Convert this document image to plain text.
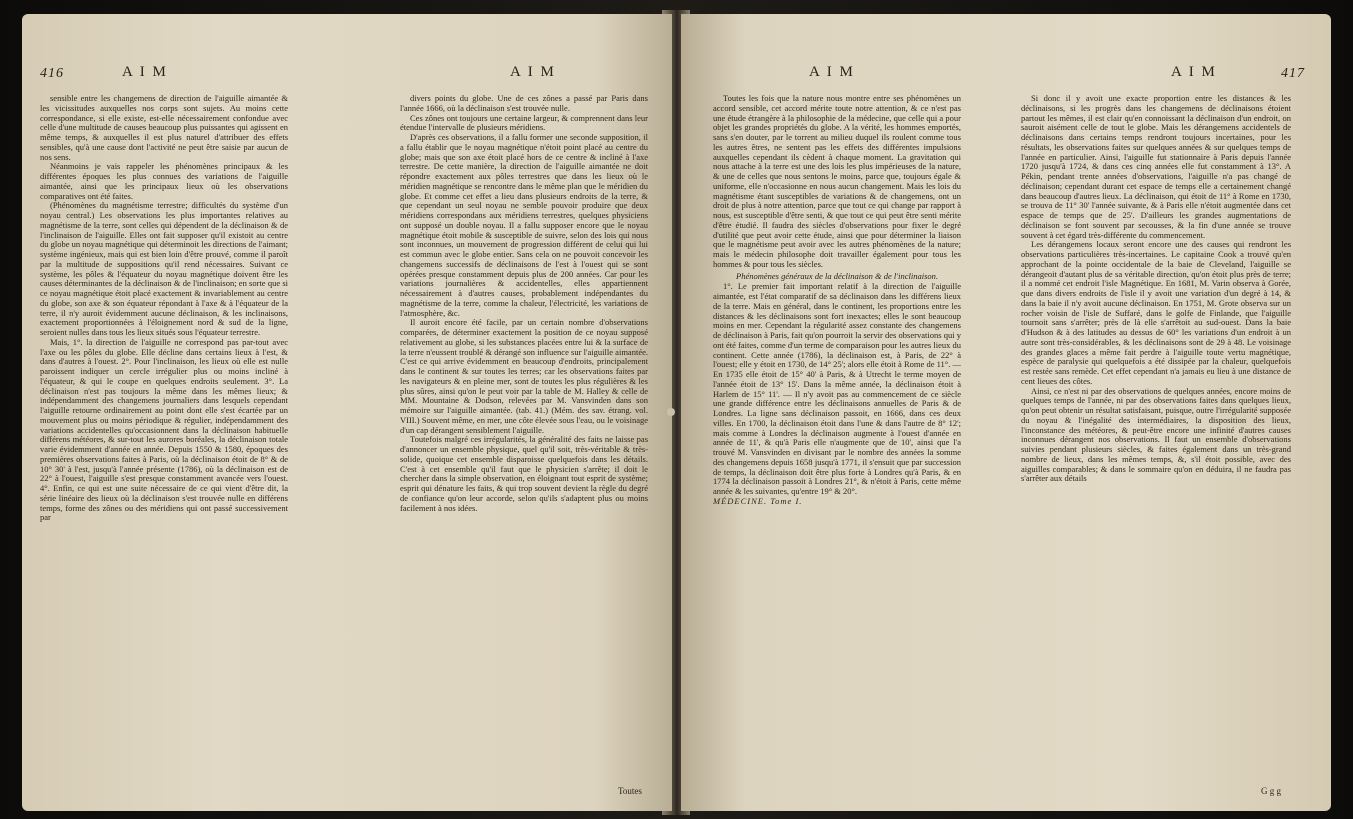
416	A I M	A I M

sensible entre les changemens de direction de l'aiguille aimantée & les vicissitudes auxquelles nos corps sont sujets. Au moins cette correspondance, si elle existe, est-elle nécessairement confondue avec celle d'une multitude de causes beaucoup plus puissantes qui agissent en même temps, & auxquelles il est plus naturel d'attribuer des effets sensibles, qu'à une cause dont l'activité ne peut être saisie par aucun de nos sens.

Néanmoins je vais rappeler les phénomènes principaux & les différentes époques les plus connues des variations de l'aiguille aimantée, ainsi que les principaux lieux où les observations comparatives ont été faites.

(Phénomènes du magnétisme terrestre; difficultés du système d'un noyau central.) Les observations les plus importantes relatives au magnétisme de la terre, sont celles qui dépendent de la déclinaison & de l'inclinaison de l'aiguille. Elles ont fait supposer qu'il existoit au centre du globe un noyau magnétique qui déterminoit les directions de l'aimant; système ingénieux, mais qui est bien loin d'être prouvé, comme il paroît par la multitude de suppositions qu'il rend nécessaires. Suivant ce système, les pôles & l'équateur du noyau magnétique doivent être les causes déterminantes de la déclinaison & de l'inclinaison; en sorte que si ce noyau magnétique étoit placé exactement & invariablement au centre du globe, son axe & son équateur répondant à l'axe & à l'équateur de la terre, il n'y auroit évidemment aucune déclinaison, & les inclinaisons, exactement proportionnées à l'éloignement nord & sud de la ligne, seroient nulles dans tous les lieux situés sous l'équateur terrestre.

Mais, 1°. la direction de l'aiguille ne correspond pas par-tout avec l'axe ou les pôles du globe. Elle décline dans certains lieux à l'est, & dans d'autres à l'ouest. 2°. Pour l'inclinaison, les lieux où elle est nulle paroissent indiquer un cercle irrégulier plus ou moins incliné à l'équateur, & qui le coupe en quelques endroits seulement. 3°. La déclinaison n'est pas toujours la même dans les mêmes lieux; & indépendamment des changemens journaliers dans lesquels cependant l'aiguille retourne ordinairement au point dont elle s'est écartée par un mouvement plus ou moins périodique & régulier, indépendamment des variations accidentelles qu'occasionnent dans la déclinaison habituelle différens météores, & sur-tout les aurores boréales, la déclinaison totale varie évidemment d'année en année. Depuis 1550 & 1580, époques des premières observations faites à Paris, où la déclinaison étoit de 8° & de 10° 30' à l'est, jusqu'à l'année présente (1786), où la déclinaison est de 22° à l'ouest, l'aiguille s'est presque constamment avancée vers l'ouest. 4°. Enfin, ce qui est une suite nécessaire de ce qui vient d'être dit, la série linéaire des lieux où la déclinaison s'est trouvée nulle en différens temps, forme des zônes ou des méridiens qui ont passé successivement par

divers points du globe. Une de ces zônes a passé par Paris dans l'année 1666, où la déclinaison s'est trouvée nulle.

Ces zônes ont toujours une certaine largeur, & comprennent dans leur étendue l'intervalle de plusieurs méridiens.

D'après ces observations, il a fallu former une seconde supposition, il a fallu établir que le noyau magnétique n'étoit point placé au centre du globe; mais que son axe étoit placé hors de ce centre & incliné à l'axe terrestre. De cette manière, la direction de l'aiguille aimantée ne doit répondre exactement aux pôles terrestres que dans les lieux où le méridien magnétique se rencontre dans le même plan que le méridien du globe. Et comme cet effet a lieu dans plusieurs endroits de la terre, & que cependant un seul noyau ne semble pouvoir produire que deux méridiens correspondans aux méridiens terrestres, quelques physiciens ont supposé un double noyau. Il a fallu supposer encore que le noyau magnétique étoit mobile & susceptible de suivre, selon des lois qui nous sont inconnues, un mouvement de progression différent de celui qui lui est commun avec le globe entier. Sans cela on ne pouvoit concevoir les changemens successifs de déclinaisons de l'est à l'ouest qui se sont opérées presque constamment depuis plus de 200 années. Car pour les variations journalières & accidentelles, elles appartiennent nécessairement à d'autres causes, probablement indépendantes du magnétisme de la terre, comme la chaleur, l'électricité, les variations de l'atmosphère, &c.

Il auroit encore été facile, par un certain nombre d'observations comparées, de déterminer exactement la position de ce noyau supposé relativement au globe, si les substances placées entre lui & la surface de la terre n'eussent troublé & dérangé son influence sur l'aiguille aimantée. C'est ce qui arrive évidemment en beaucoup d'endroits, principalement dans le continent & sur toutes les terres; car les observations faites par les navigateurs & en pleine mer, sont de toutes les plus régulières & les plus sûres, ainsi qu'on le peut voir par la table de M. Halley & celle de MM. Mountaine & Dodson, relevées par M. Vansvinden dans son mémoire sur l'aiguille aimantée. (tab. 41.) (Mém. des sav. étrang. vol. VIII.) Souvent même, en mer, une côte élevée sous l'eau, ou le voisinage d'un cap dérangent sensiblement l'aiguille.

Toutefois malgré ces irrégularités, la généralité des faits ne laisse pas d'annoncer un ensemble physique, quel qu'il soit, très-véritable & très-solide, quoique cet ensemble disparoisse quelquefois dans les détails. C'est à cet ensemble qu'il faut que le physicien s'arrête; il doit le chercher dans la simple observation, en éloignant tout esprit de système; esprit qui dénature les faits, & qui trop souvent devient la règle du degré de confiance qu'on leur accorde, selon qu'ils s'adaptent plus ou moins facilement à nos idées.

Toutes
A I M	A I M	417

Toutes les fois que la nature nous montre entre ses phénomènes un accord sensible, cet accord mérite toute notre attention, & ce n'est pas une étude étrangère à la philosophie de la médecine, que celle qui a pour objet les grandes propriétés du globe. A la vérité, les hommes emportés, sans s'en douter, par le torrent au milieu duquel ils roulent comme tous les autres êtres, ne sentent pas les effets des différentes impulsions auxquelles cependant ils cèdent à chaque moment. La gravitation qui nous attache à la terre est une des lois les plus impérieuses de la nature, & une de celles que nous sentons le moins, parce que, toujours égale & uniforme, elle n'occasionne en nous aucun changement. Mais les lois du magnétisme étant susceptibles de variations & de changemens, ont un droit de plus à notre attention, parce que tout ce qui change par rapport à nous, est susceptible d'être senti, & que tout ce qui peut être senti mérite d'être étudié. Il faudra des siècles d'observations pour fixer le degré d'utilité que peut avoir cette étude, ainsi que pour déterminer la liaison que le magnétisme peut avoir avec les autres phénomènes de la nature; mais le médecin philosophe doit travailler également pour tous les hommes & pour tous les siècles.

Phénomènes généraux de la déclinaison & de l'inclinaison.

1°. Le premier fait important relatif à la direction de l'aiguille aimantée, est l'état comparatif de sa déclinaison dans les différens lieux de la terre. Mais en général, dans le continent, les proportions entre les distances & les déclinaisons sont fort inexactes; elles le sont beaucoup moins en mer. Cependant la régularité assez constante des changemens de déclinaison à Paris, fait qu'on pourroit la servir des observations qui y ont été faites, comme d'un terme de comparaison pour les autres lieux du continent. Cette année (1786), la déclinaison est, à Paris, de 22° à l'ouest; elle y étoit en 1730, de 14° 25'; alors elle étoit à Rome de 11°. — En 1735 elle étoit de 15° 40' à Paris, & à Utrecht le terme moyen de l'année étoit de 13° 15'. Dans la même année, la déclinaison étoit à Harlem de 15° 11'. — Il n'y avoit pas au commencement de ce siècle une grande différence entre les déclinaisons annuelles de Paris & de Londres. La ligne sans déclinaison passoit, en 1666, dans ces deux villes. En 1700, la déclinaison étoit dans l'une & dans l'autre de 8° 12'; mais comme à Londres la déclinaison augmente à l'ouest d'année en année de 11', & qu'à Paris elle n'augmente que de 10', ainsi que l'a trouvé M. Vansvinden en divisant par le nombre des années la somme des changemens depuis 1658 jusqu'à 1771, il s'ensuit que par succession de temps, la déclinaison doit être plus forte à Londres qu'à Paris, & en 1774 la déclinaison passoit à Londres 21°, & n'étoit à Paris, cette même année & les suivantes, qu'entre 19° & 20°.

MÉDECINE. Tome I.

Si donc il y avoit une exacte proportion entre les distances & les déclinaisons, si les progrès dans les changemens de déclinaisons étoient partout les mêmes, il est clair qu'en connoissant la déclinaison d'un endroit, on sauroit aisément celle de tout le globe. Mais les dérangemens accidentels de déclinaisons dans certains temps rendront toujours incertaines, pour les résultats, les observations faites sur quelques années & sur quelques temps de l'année en particulier. Ainsi, l'aiguille fut stationnaire à Paris depuis l'année 1720 jusqu'à 1724, & dans ces cinq années elle fut constamment à 13°. A Pékin, pendant trente années d'observations, l'aiguille n'a pas changé de déclinaison; cependant durant cet espace de temps elle a certainement changé dans beaucoup d'autres lieux. La déclinaison, qui étoit de 11° à Rome en 1730, se trouva de 11° 30' l'année suivante, & à Paris elle n'étoit augmentée dans cet espace de temps que de 25'. D'ailleurs les grandes augmentations de déclinaison se font souvent par secousses, & la fin d'une année se trouve souvent à cet égard très-différente du commencement.

Les dérangemens locaux seront encore une des causes qui rendront les observations particulières très-incertaines. Le capitaine Cook a trouvé qu'en approchant de la pointe occidentale de la baie de Cleveland, l'aiguille se dérangeoit d'autant plus de sa véritable direction, qu'on étoit plus près de terre; il a nommé cet endroit l'isle Magnétique. En 1681, M. Varin observa à Gorée, que dans divers endroits de l'isle il y avoit une variation d'un degré à 14, & dans la baie il n'y avoit aucune déclinaison. En 1751, M. Grote observa sur un rocher voisin de l'isle de Suffaré, dans le golfe de Finlande, que l'aiguille tournoit sans s'arrêter; près de là elle s'arrêtoit au sud-ouest. Dans la baie d'Hudson & à des latitudes au dessus de 60° les variations d'un endroit à un autre sont très-considérables, & les déclinaisons sont de 29 à 48. Le voisinage des grandes glaces a même fait perdre à l'aiguille toute vertu magnétique, espèce de paralysie qui quelquefois a été dissipée par la chaleur, quelquefois est restée sans remède. Cet effet cependant n'a jamais eu lieu à une distance de cent lieues des côtes.

Ainsi, ce n'est ni par des observations de quelques années, encore moins de quelques temps de l'année, ni par des observations faites dans quelques lieux, qu'on peut obtenir un résultat satisfaisant, puisque, outre l'irrégularité supposée du noyau & l'inégalité des intermédiaires, la disposition des lieux, l'inconstance des météores, & peut-être encore une infinité d'autres causes inconnues dérangent nos observations. Il faut un ensemble d'observations suivies pendant plusieurs siècles, & faites également dans un très-grand nombre de lieux, dans les mêmes temps, &, s'il étoit possible, avec des aiguilles comparables; & dans le sommaire qu'on en déduira, il ne faudra pas s'arrêter aux détails

G g g
